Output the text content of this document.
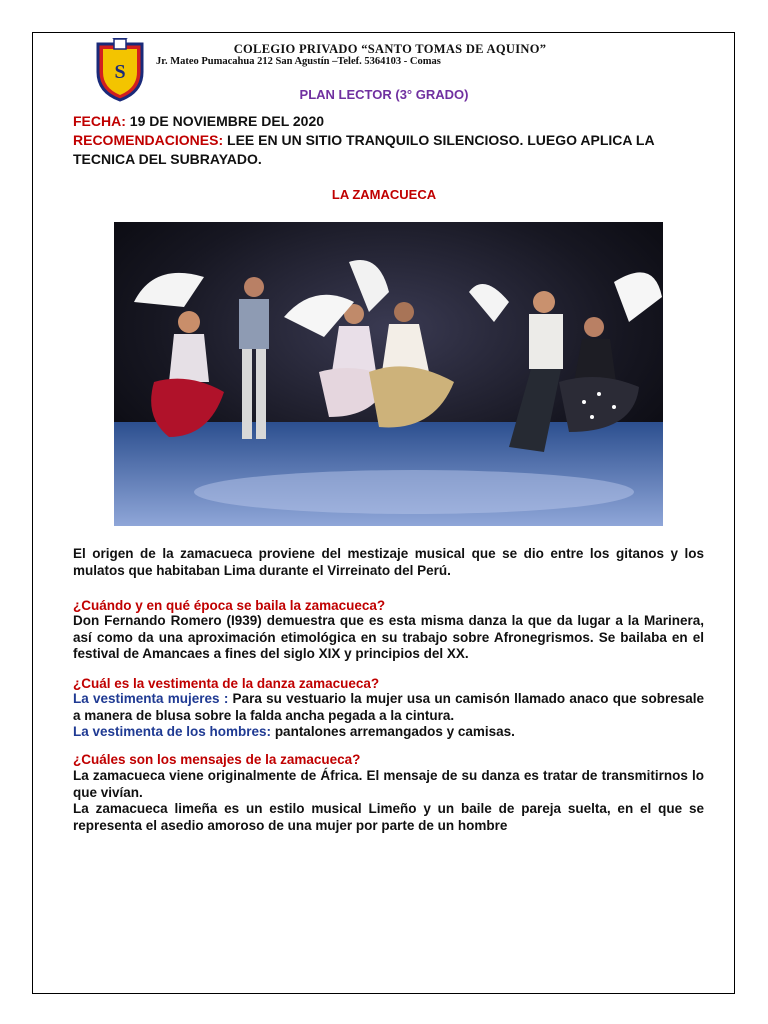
S
COLEGIO PRIVADO “SANTO TOMAS DE AQUINO”
Jr. Mateo Pumacahua 212 San Agustín –Telef. 5364103 - Comas
PLAN LECTOR (3° GRADO)
FECHA: 19 DE NOVIEMBRE DEL 2020
RECOMENDACIONES: LEE EN UN SITIO TRANQUILO SILENCIOSO. LUEGO APLICA LA
TECNICA DEL SUBRAYADO.
LA ZAMACUECA
El origen de la zamacueca proviene del mestizaje musical que se dio entre los gitanos y los mulatos que habitaban Lima durante el Virreinato del Perú.
¿Cuándo y en qué época se baila la zamacueca?
Don Fernando Romero (I939) demuestra que es esta misma danza la que da lugar a la Marinera, así como da una aproximación etimológica en su trabajo sobre Afronegrismos. Se bailaba en el festival de Amancaes a fines del siglo XIX y principios del XX.
¿Cuál es la vestimenta de la danza zamacueca?
La vestimenta mujeres : Para su vestuario la mujer usa un camisón llamado anaco que sobresale a manera de blusa sobre la falda ancha pegada a la cintura.
La vestimenta de los hombres: pantalones arremangados y camisas.
¿Cuáles son los mensajes de la zamacueca?
La zamacueca viene originalmente de África. El mensaje de su danza es tratar de transmitirnos lo que vivían.
La zamacueca limeña es un estilo musical Limeño y un baile de pareja suelta, en el que se representa el asedio amoroso de una mujer por parte de un hombre
